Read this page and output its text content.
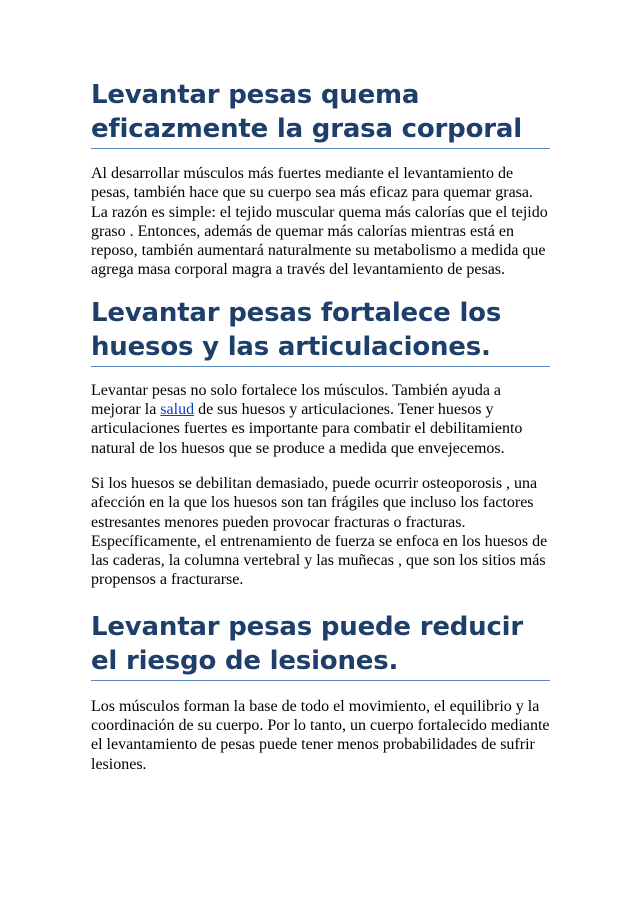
Levantar pesas quema eficazmente la grasa corporal

Al desarrollar músculos más fuertes mediante el levantamiento de pesas, también hace que su cuerpo sea más eficaz para quemar grasa. La razón es simple: el tejido muscular quema más calorías que el tejido graso . Entonces, además de quemar más calorías mientras está en reposo, también aumentará naturalmente su metabolismo a medida que agrega masa corporal magra a través del levantamiento de pesas.

Levantar pesas fortalece los huesos y las articulaciones.

Levantar pesas no solo fortalece los músculos. También ayuda a mejorar la salud de sus huesos y articulaciones. Tener huesos y articulaciones fuertes es importante para combatir el debilitamiento natural de los huesos que se produce a medida que envejecemos.

Si los huesos se debilitan demasiado, puede ocurrir osteoporosis , una afección en la que los huesos son tan frágiles que incluso los factores estresantes menores pueden provocar fracturas o fracturas. Específicamente, el entrenamiento de fuerza se enfoca en los huesos de las caderas, la columna vertebral y las muñecas , que son los sitios más propensos a fracturarse.

Levantar pesas puede reducir el riesgo de lesiones.

Los músculos forman la base de todo el movimiento, el equilibrio y la coordinación de su cuerpo. Por lo tanto, un cuerpo fortalecido mediante el levantamiento de pesas puede tener menos probabilidades de sufrir lesiones.
